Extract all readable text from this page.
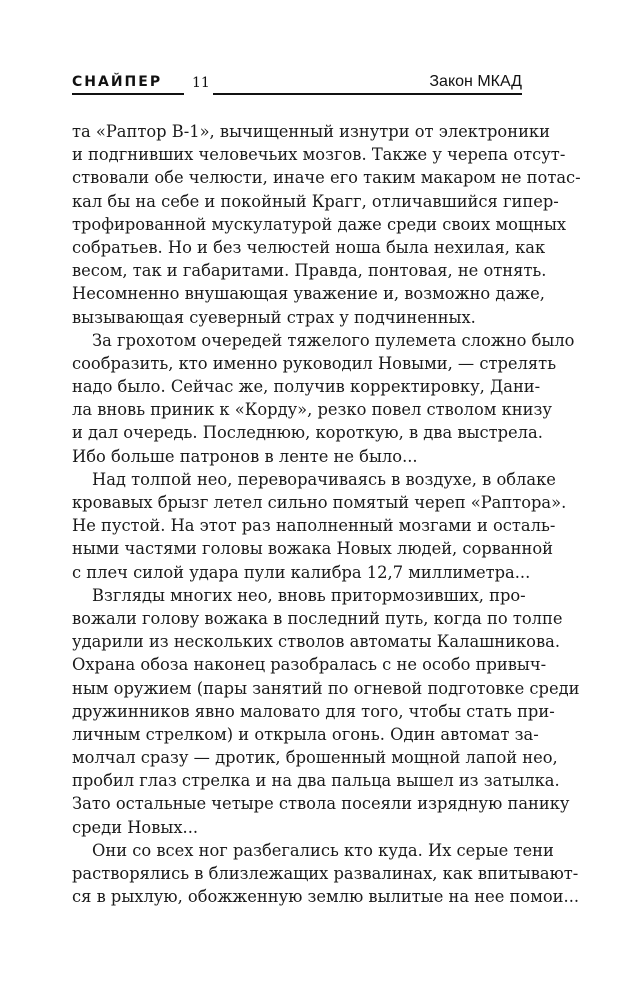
СНАЙПЕР 11	Закон МКАД
та «Раптор В-1», вычищенный изнутри от электроники
и подгнивших человечьих мозгов. Также у черепа отсут-
ствовали обе челюсти, иначе его таким макаром не потас-
кал бы на себе и покойный Крагг, отличавшийся гипер-
трофированной мускулатурой даже среди своих мощных
собратьев. Но и без челюстей ноша была нехилая, как
весом, так и габаритами. Правда, понтовая, не отнять.
Несомненно внушающая уважение и, возможно даже,
вызывающая суеверный страх у подчиненных.
За грохотом очередей тяжелого пулемета сложно было
сообразить, кто именно руководил Новыми, — стрелять
надо было. Сейчас же, получив корректировку, Дани-
ла вновь приник к «Корду», резко повел стволом книзу
и дал очередь. Последнюю, короткую, в два выстрела.
Ибо больше патронов в ленте не было...
Над толпой нео, переворачиваясь в воздухе, в облаке
кровавых брызг летел сильно помятый череп «Раптора».
Не пустой. На этот раз наполненный мозгами и осталь-
ными частями головы вожака Новых людей, сорванной
с плеч силой удара пули калибра 12,7 миллиметра...
Взгляды многих нео, вновь притормозивших, про-
вожали голову вожака в последний путь, когда по толпе
ударили из нескольких стволов автоматы Калашникова.
Охрана обоза наконец разобралась с не особо привыч-
ным оружием (пары занятий по огневой подготовке среди
дружинников явно маловато для того, чтобы стать при-
личным стрелком) и открыла огонь. Один автомат за-
молчал сразу — дротик, брошенный мощной лапой нео,
пробил глаз стрелка и на два пальца вышел из затылка.
Зато остальные четыре ствола посеяли изрядную панику
среди Новых...
Они со всех ног разбегались кто куда. Их серые тени
растворялись в близлежащих развалинах, как впитывают-
ся в рыхлую, обожженную землю вылитые на нее помои...
